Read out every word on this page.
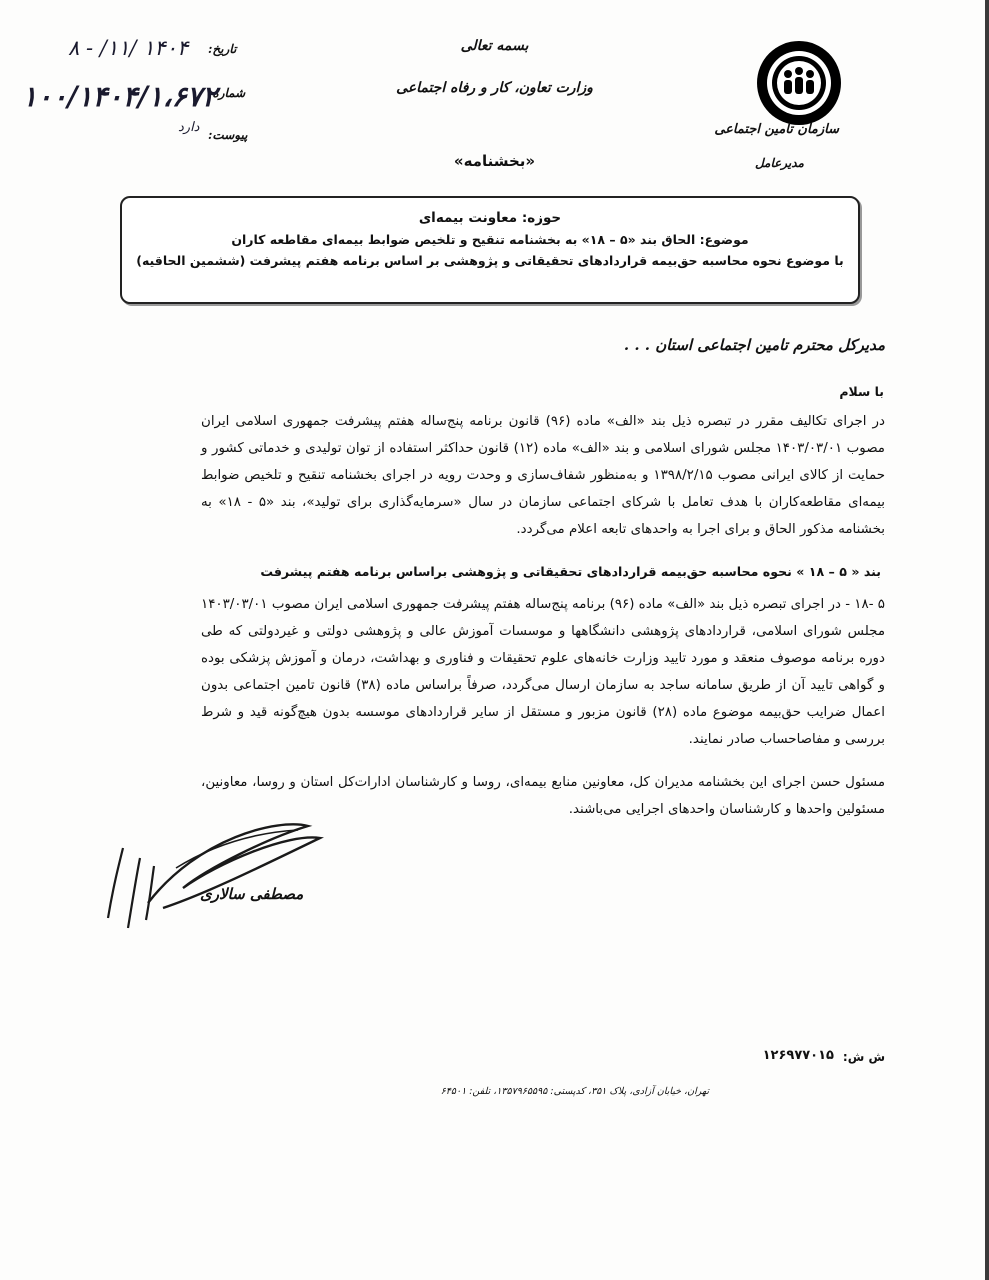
سازمان تامین اجتماعی
مدیرعامل
بسمه تعالی
وزارت تعاون، کار و رفاه اجتماعی
«بخشنامه»
تاریخ:
۱۴۰۴ /۱۱/ - ۸
شماره:
۱۰۰/۱۴۰۴/۱،۶۷۲
پیوست:
دارد
حوزه: معاونت بیمه‌ای
موضوع: الحاق بند «۵ – ۱۸» به بخشنامه تنقیح و تلخیص ضوابط بیمه‌ای مقاطعه کاران
با موضوع نحوه محاسبه حق‌بیمه قراردادهای تحقیقاتی و پژوهشی بر اساس برنامه هفتم پیشرفت (ششمین الحاقیه)
مدیرکل محترم تامین اجتماعی استان . . .
با سلام
در اجرای تکالیف مقرر در تبصره ذیل بند «الف» ماده (۹۶) قانون برنامه پنج‌ساله هفتم پیشرفت جمهوری اسلامی ایران مصوب ۱۴۰۳/۰۳/۰۱ مجلس شورای اسلامی و بند «الف» ماده (۱۲) قانون حداکثر استفاده از توان تولیدی و خدماتی کشور و حمایت از کالای ایرانی مصوب ۱۳۹۸/۲/۱۵ و به‌منظور شفاف‌سازی و وحدت رویه در اجرای بخشنامه تنقیح و تلخیص ضوابط بیمه‌ای مقاطعه‌کاران با هدف تعامل با شرکای اجتماعی سازمان در سال «سرمایه‌گذاری برای تولید»، بند «۵ - ۱۸» به بخشنامه مذکور الحاق و برای اجرا به واحدهای تابعه اعلام می‌گردد.
بند « ۵ – ۱۸ » نحوه محاسبه حق‌بیمه قراردادهای تحقیقاتی و پژوهشی براساس برنامه هفتم پیشرفت
۵ -۱۸ - در اجرای تبصره ذیل بند «الف» ماده (۹۶) برنامه پنج‌ساله هفتم پیشرفت جمهوری اسلامی ایران مصوب ۱۴۰۳/۰۳/۰۱ مجلس شورای اسلامی، قراردادهای پژوهشی دانشگاهها و موسسات آموزش عالی و پژوهشی دولتی و غیردولتی که طی دوره برنامه موصوف منعقد و مورد تایید وزارت خانه‌های علوم تحقیقات و فناوری و بهداشت، درمان و آموزش پزشکی بوده و گواهی تایید آن از طریق سامانه ساجد به سازمان ارسال می‌گردد، صرفاً براساس ماده (۳۸) قانون تامین اجتماعی بدون اعمال ضرایب حق‌بیمه موضوع ماده (۲۸) قانون مزبور و مستقل از سایر قراردادهای موسسه بدون هیچ‌گونه قید و شرط بررسی و مفاصاحساب صادر نمایند.
مسئول حسن اجرای این بخشنامه مدیران کل، معاونین منابع بیمه‌ای، روسا و کارشناسان ادارات‌کل استان و روسا، معاونین، مسئولین واحدها و کارشناسان واحدهای اجرایی می‌باشند.
مصطفی سالاری
ش ش:
۱۲۶۹۷۷۰۱۵
تهران، خیابان آزادی، پلاک ۳۵۱، کدپستی: ۱۳۵۷۹۶۵۵۹۵، تلفن: ۶۴۵۰۱
